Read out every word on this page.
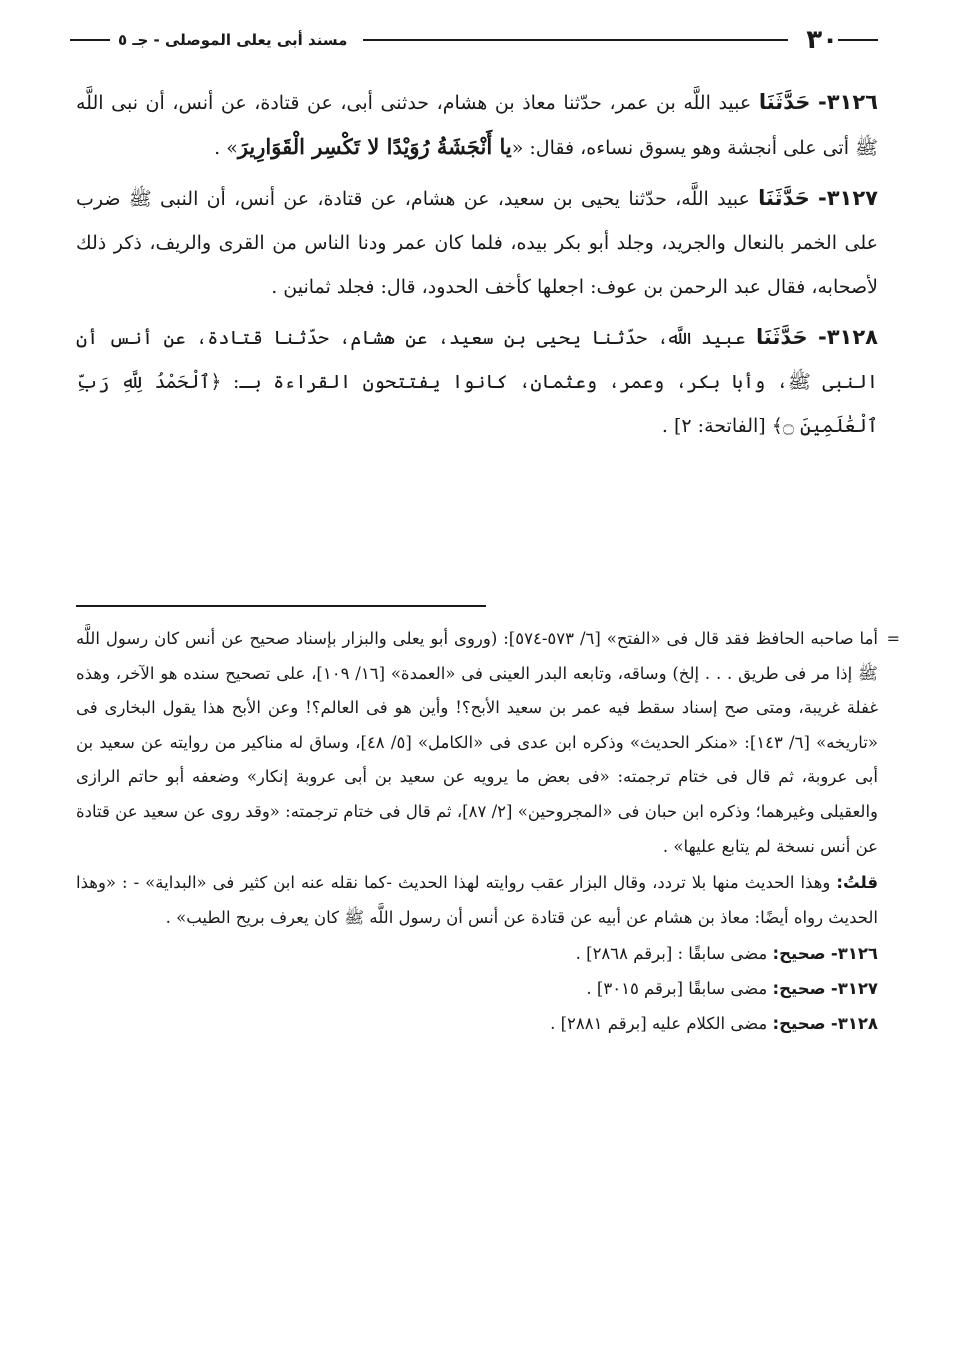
٣٠
مسند أبى يعلى الموصلى - جـ ٥

٣١٢٦- حَدَّثَنَا عبيد اللَّه بن عمر، حدّثنا معاذ بن هشام، حدثنى أبى، عن قتادة، عن أنس، أن نبى اللَّه ﷺ أتى على أنجشة وهو يسوق نساءه، فقال: «يا أَنْجَشَةُ رُوَيْدًا لا تَكْسِر الْقَوَارِيرَ» .

٣١٢٧- حَدَّثَنَا عبيد اللَّه، حدّثنا يحيى بن سعيد، عن هشام، عن قتادة، عن أنس، أن النبى ﷺ ضرب على الخمر بالنعال والجريد، وجلد أبو بكر بيده، فلما كان عمر ودنا الناس من القرى والريف، ذكر ذلك لأصحابه، فقال عبد الرحمن بن عوف: اجعلها كأخف الحدود، قال: فجلد ثمانين .

٣١٢٨- حَدَّثَنَا عبيد اللَّه، حدّثنا يحيى بن سعيد، عن هشام، حدّثنا قتادة، عن أنس أن النبى ﷺ، وأبا بكر، وعمر، وعثمان، كانوا يفتتحون القراءة بـ: ﴿ٱلْحَمْدُ لِلَّهِ رَبِّ ٱلْعَٰلَمِينَ ۝﴾ [الفاتحة: ٢] .

=

أما صاحبه الحافظ فقد قال فى «الفتح» [٦/ ٥٧٣-٥٧٤]: (وروى أبو يعلى والبزار بإسناد صحيح عن أنس كان رسول اللَّه ﷺ إذا مر فى طريق . . . إلخ) وساقه، وتابعه البدر العينى فى «العمدة» [١٦/ ١٠٩]، على تصحيح سنده هو الآخر، وهذه غفلة غريبة، ومتى صح إسناد سقط فيه عمر بن سعيد الأبح؟! وأين هو فى العالم؟! وعن الأبح هذا يقول البخارى فى «تاريخه» [٦/ ١٤٣]: «منكر الحديث» وذكره ابن عدى فى «الكامل» [٥/ ٤٨]، وساق له مناكير من روايته عن سعيد بن أبى عروبة، ثم قال فى ختام ترجمته: «فى بعض ما يرويه عن سعيد بن أبى عروبة إنكار» وضعفه أبو حاتم الرازى والعقيلى وغيرهما؛ وذكره ابن حبان فى «المجروحين» [٢/ ٨٧]، ثم قال فى ختام ترجمته: «وقد روى عن سعيد عن قتادة عن أنس نسخة لم يتابع عليها» .

قلتُ: وهذا الحديث منها بلا تردد، وقال البزار عقب روايته لهذا الحديث -كما نقله عنه ابن كثير فى «البداية» - : «وهذا الحديث رواه أيضًا: معاذ بن هشام عن أبيه عن قتادة عن أنس أن رسول اللَّه ﷺ كان يعرف بريح الطيب» .

٣١٢٦- صحيح: مضى سابقًا : [برقم ٢٨٦٨] .

٣١٢٧- صحيح: مضى سابقًا [برقم ٣٠١٥] .

٣١٢٨- صحيح: مضى الكلام عليه [برقم ٢٨٨١] .
